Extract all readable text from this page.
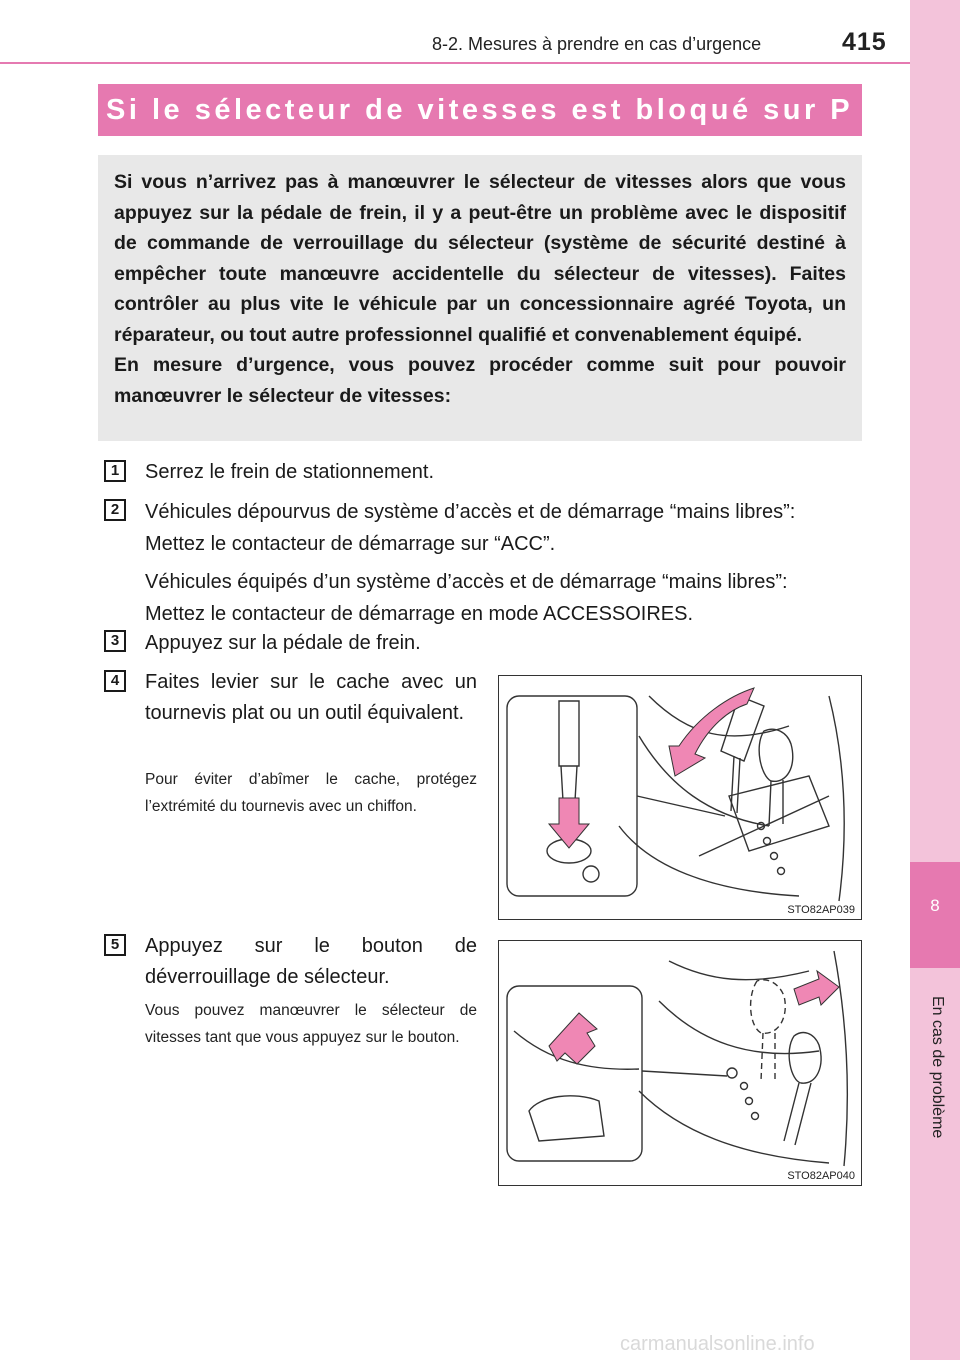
8-2. Mesures à prendre en cas d’urgence	415
8
En cas de problème
Si le sélecteur de vitesses est bloqué sur P

Si vous n’arrivez pas à manœuvrer le sélecteur de vitesses alors que vous appuyez sur la pédale de frein, il y a peut-être un problème avec le dispositif de commande de verrouillage du sélecteur (système de sécurité destiné à empêcher toute manœuvre accidentelle du sélecteur de vitesses). Faites contrôler au plus vite le véhicule par un concessionnaire agréé Toyota, un réparateur, ou tout autre professionnel qualifié et convenablement équipé.

En mesure d’urgence, vous pouvez procéder comme suit pour pouvoir manœuvrer le sélecteur de vitesses:

1	Serrez le frein de stationnement.
2	Véhicules dépourvus de système d’accès et de démarrage “mains libres”:
Mettez le contacteur de démarrage sur “ACC”.
Véhicules équipés d’un système d’accès et de démarrage “mains libres”:
Mettez le contacteur de démarrage en mode ACCESSOIRES.
3	Appuyez sur la pédale de frein.
4	Faites levier sur le cache avec un tournevis plat ou un outil équivalent.
Pour éviter d’abîmer le cache, protégez l’extrémité du tournevis avec un chiffon.
STO82AP039
5	Appuyez sur le bouton de déverrouillage de sélecteur.
Vous pouvez manœuvrer le sélecteur de vitesses tant que vous appuyez sur le bouton.
STO82AP040
carmanualsonline.info
